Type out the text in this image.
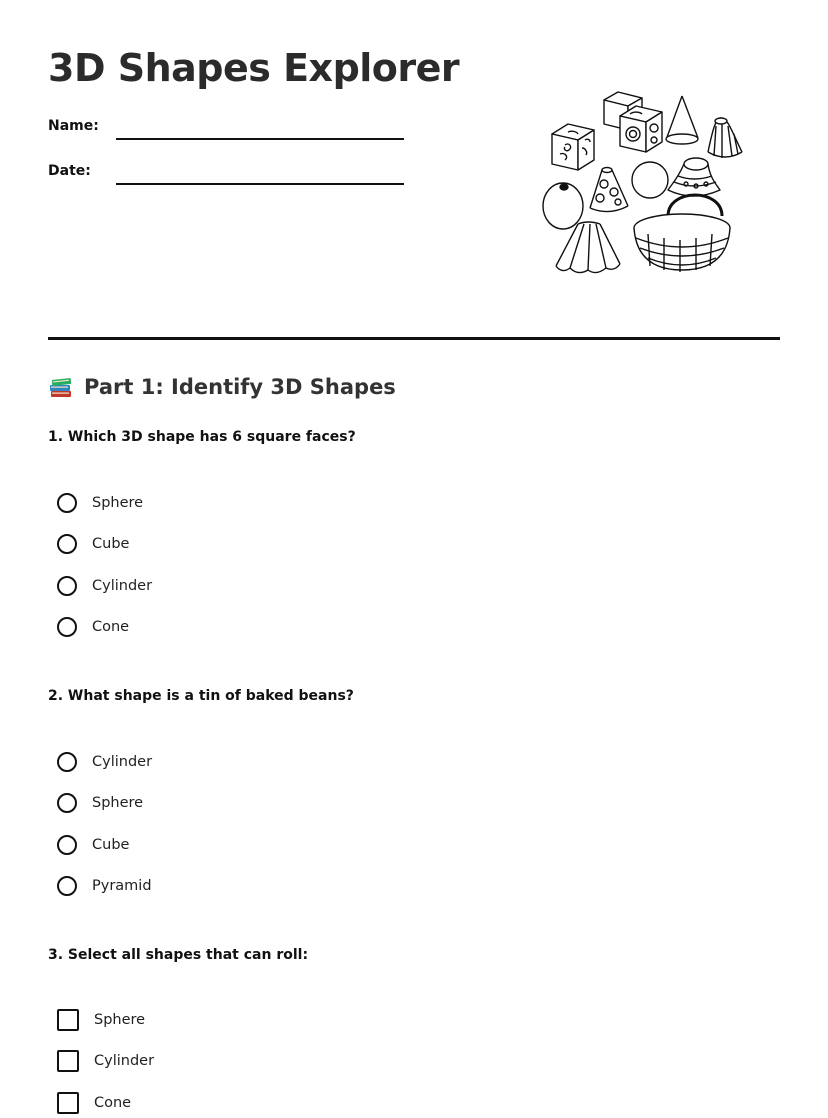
3D Shapes Explorer
Name:
Date:
Part 1: Identify 3D Shapes

1. Which 3D shape has 6 square faces?

Sphere
Cube
Cylinder
Cone

2. What shape is a tin of baked beans?

Cylinder
Sphere
Cube
Pyramid

3. Select all shapes that can roll:

Sphere
Cylinder
Cone
